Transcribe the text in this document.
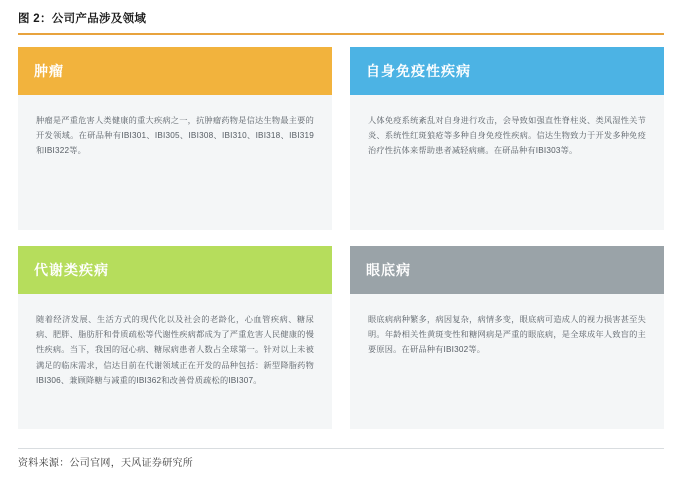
图 2：公司产品涉及领域
肿瘤
肿瘤是严重危害人类健康的重大疾病之一，抗肿瘤药物是信达生物最主要的开发领域。在研品种有IBI301、IBI305、IBI308、IBI310、IBI318、IBI319和IBI322等。
自身免疫性疾病
人体免疫系统紊乱对自身进行攻击，会导致如强直性脊柱炎、类风湿性关节炎、系统性红斑狼疮等多种自身免疫性疾病。信达生物致力于开发多种免疫治疗性抗体来帮助患者减轻病痛。在研品种有IBI303等。
代谢类疾病
随着经济发展、生活方式的现代化以及社会的老龄化，心血管疾病、糖尿病、肥胖、脂肪肝和骨质疏松等代谢性疾病都成为了严重危害人民健康的慢性疾病。当下，我国的冠心病、糖尿病患者人数占全球第一。针对以上未被满足的临床需求，信达目前在代谢领域正在开发的品种包括：新型降脂药物IBI306、兼顾降糖与减重的IBI362和改善骨质疏松的IBI307。
眼底病
眼底病病种繁多，病因复杂，病情多变，眼底病可造成人的视力损害甚至失明。年龄相关性黄斑变性和糖网病是严重的眼底病，是全球成年人致盲的主要原因。在研品种有IBI302等。
资料来源：公司官网，天风证券研究所
